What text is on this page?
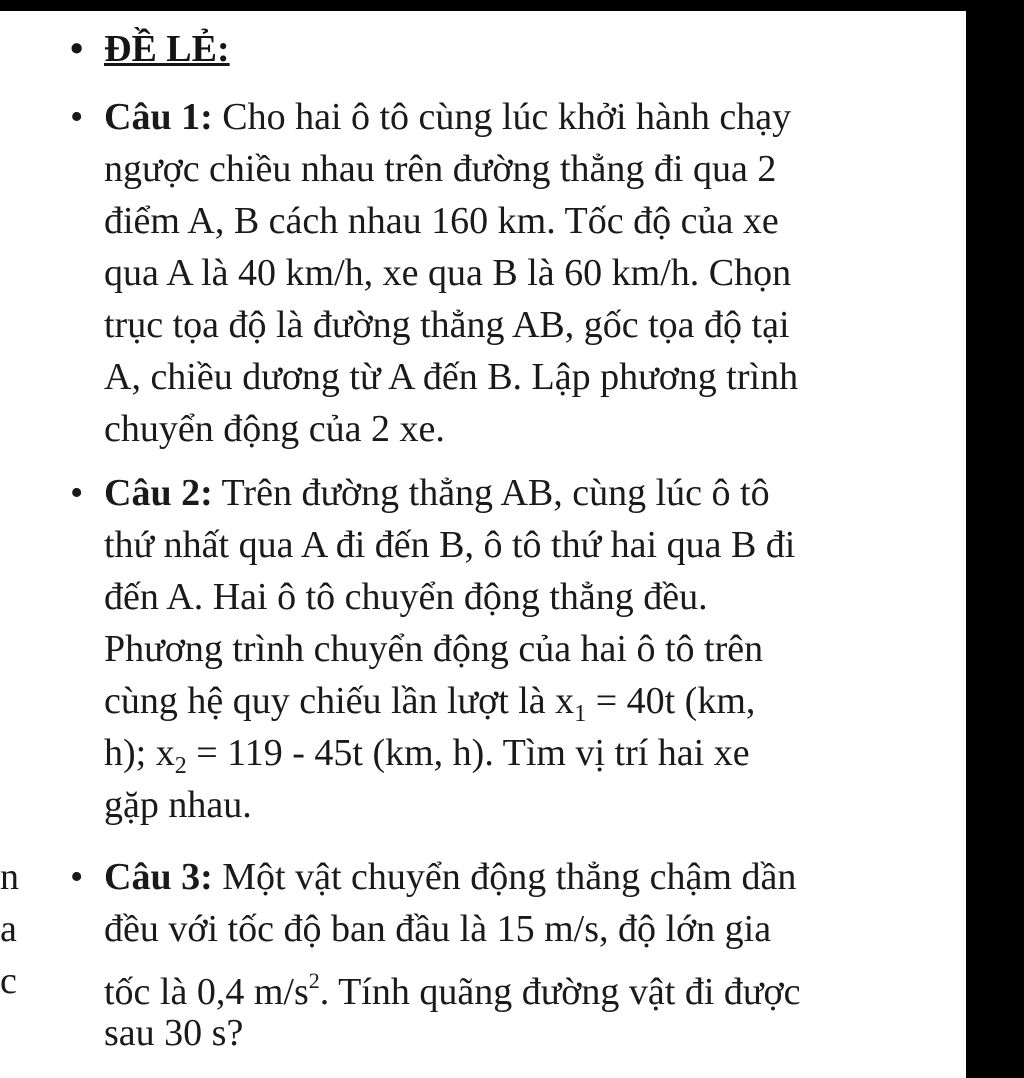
• ĐỀ LẺ:
• Câu 1: Cho hai ô tô cùng lúc khởi hành chạy
ngược chiều nhau trên đường thẳng đi qua 2
điểm A, B cách nhau 160 km. Tốc độ của xe
qua A là 40 km/h, xe qua B là 60 km/h. Chọn
trục tọa độ là đường thẳng AB, gốc tọa độ tại
A, chiều dương từ A đến B. Lập phương trình
chuyển động của 2 xe.
• Câu 2: Trên đường thẳng AB, cùng lúc ô tô
thứ nhất qua A đi đến B, ô tô thứ hai qua B đi
đến A. Hai ô tô chuyển động thẳng đều.
Phương trình chuyển động của hai ô tô trên
cùng hệ quy chiếu lần lượt là $x_1 = 40t$ (km,
h); $x_2 = 119 - 45t$ (km, h). Tìm vị trí hai xe
gặp nhau.
• Câu 3: Một vật chuyển động thẳng chậm dần
đều với tốc độ ban đầu là 15 m/s, độ lớn gia
tốc là 0,4 $m/s^2$. Tính quãng đường vật đi được
sau 30 s?
n
a
c
